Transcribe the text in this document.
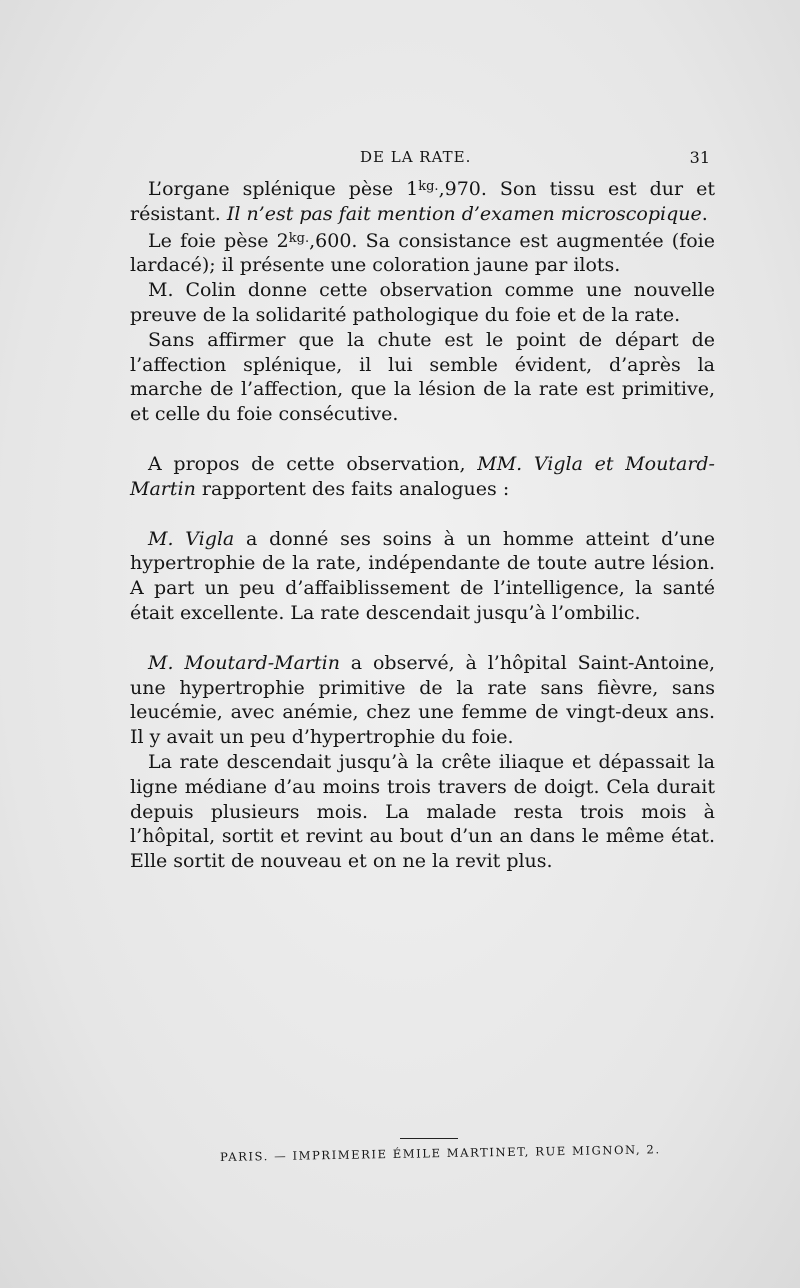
DE LA RATE.	31

L’organe splénique pèse $1^{kg.},970$. Son tissu est dur et résistant. Il n’est pas fait mention d’examen microscopique.

Le foie pèse $2^{kg.},600$. Sa consistance est augmentée (foie lardacé); il présente une coloration jaune par ilots.

M. Colin donne cette observation comme une nouvelle preuve de la solidarité pathologique du foie et de la rate.

Sans affirmer que la chute est le point de départ de l’affection splénique, il lui semble évident, d’après la marche de l’affection, que la lésion de la rate est primitive, et celle du foie consécutive.

A propos de cette observation, MM. Vigla et Moutard-Martin rapportent des faits analogues :

M. Vigla a donné ses soins à un homme atteint d’une hypertrophie de la rate, indépendante de toute autre lésion. A part un peu d’affaiblissement de l’intelligence, la santé était excellente. La rate descendait jusqu’à l’ombilic.

M. Moutard-Martin a observé, à l’hôpital Saint-Antoine, une hypertrophie primitive de la rate sans fièvre, sans leucémie, avec anémie, chez une femme de vingt-deux ans. Il y avait un peu d’hypertrophie du foie.

La rate descendait jusqu’à la crête iliaque et dépassait la ligne médiane d’au moins trois travers de doigt. Cela durait depuis plusieurs mois. La malade resta trois mois à l’hôpital, sortit et revint au bout d’un an dans le même état. Elle sortit de nouveau et on ne la revit plus.

PARIS. — IMPRIMERIE ÉMILE MARTINET, RUE MIGNON, 2.
